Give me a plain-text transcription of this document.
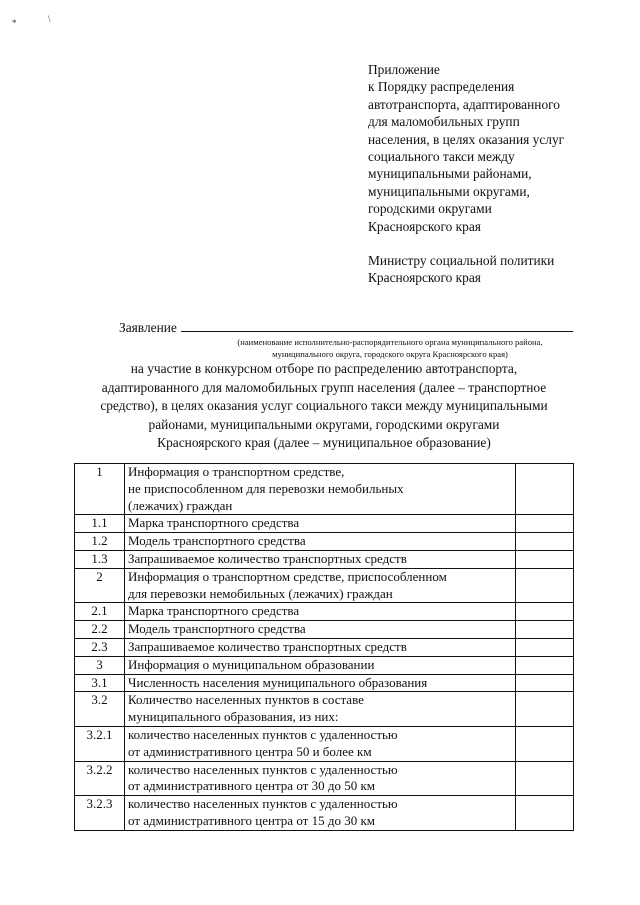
*	\
Приложение
к Порядку распределения
автотранспорта, адаптированного
для маломобильных групп
населения, в целях оказания услуг
социального такси между
муниципальными районами,
муниципальными округами,
городскими округами
Красноярского края
Министру социальной политики
Красноярского края
Заявление
(наименование исполнительно-распорядительного органа муниципального района,
муниципального округа, городского округа Красноярского края)
на участие в конкурсном отборе по распределению автотранспорта,
адаптированного для маломобильных групп населения (далее – транспортное
средство), в целях оказания услуг социального такси между муниципальными
районами, муниципальными округами, городскими округами
Красноярского края (далее – муниципальное образование)
1	Информация о транспортном средстве,
не приспособленном для перевозки немобильных
(лежачих) граждан	

1.1	Марка транспортного средства	

1.2	Модель транспортного средства	

1.3	Запрашиваемое количество транспортных средств	

2	Информация о транспортном средстве, приспособленном
для перевозки немобильных (лежачих) граждан	

2.1	Марка транспортного средства	

2.2	Модель транспортного средства	

2.3	Запрашиваемое количество транспортных средств	

3	Информация о муниципальном образовании	

3.1	Численность населения муниципального образования	

3.2	Количество населенных пунктов в составе
муниципального образования, из них:	

3.2.1	количество населенных пунктов с удаленностью
от административного центра 50 и более км	

3.2.2	количество населенных пунктов с удаленностью
от административного центра от 30 до 50 км	

3.2.3	количество населенных пунктов с удаленностью
от административного центра от 15 до 30 км	
